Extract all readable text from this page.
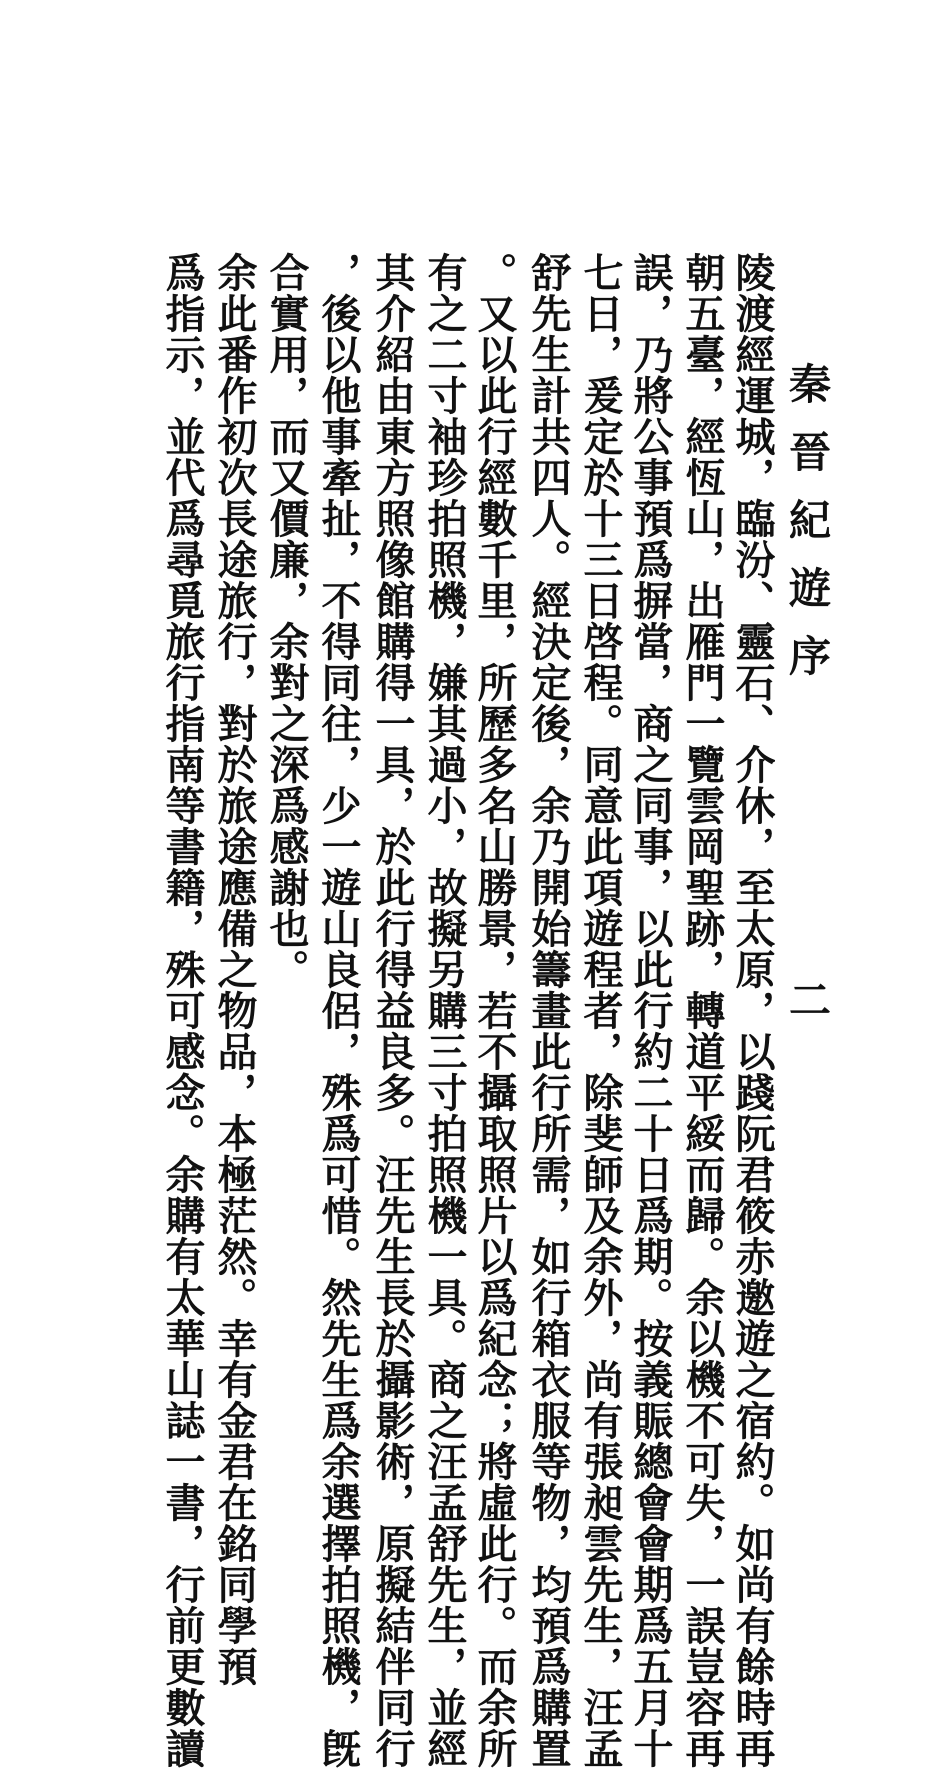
秦晉紀遊序
二
陵渡經運城，臨汾、靈石、介休，至太原，以踐阮君筱赤邀遊之宿約。如尚有餘時再
朝五臺，經恆山，出雁門一覽雲岡聖跡，轉道平綏而歸。余以機不可失，一誤豈容再
誤，乃將公事預爲摒當，商之同事，以此行約二十日爲期。按義賑總會會期爲五月十
七日，爰定於十三日啓程。同意此項遊程者，除斐師及余外，尚有張昶雲先生，汪孟
舒先生計共四人。經決定後，余乃開始籌畫此行所需，如行箱衣服等物，均預爲購置
。又以此行經數千里，所歷多名山勝景，若不攝取照片以爲紀念；將虛此行。而余所
有之二寸袖珍拍照機，嫌其過小，故擬另購三寸拍照機一具。商之汪孟舒先生，並經
其介紹由東方照像館購得一具，於此行得益良多。汪先生長於攝影術，原擬結伴同行
，後以他事牽扯，不得同往，少一遊山良侶，殊爲可惜。然先生爲余選擇拍照機，旣
合實用，而又價廉，余對之深爲感謝也。
余此番作初次長途旅行，對於旅途應備之物品，本極茫然。幸有金君在銘同學預
爲指示，並代爲尋覓旅行指南等書籍，殊可感念。余購有太華山誌一書，行前更數讀
